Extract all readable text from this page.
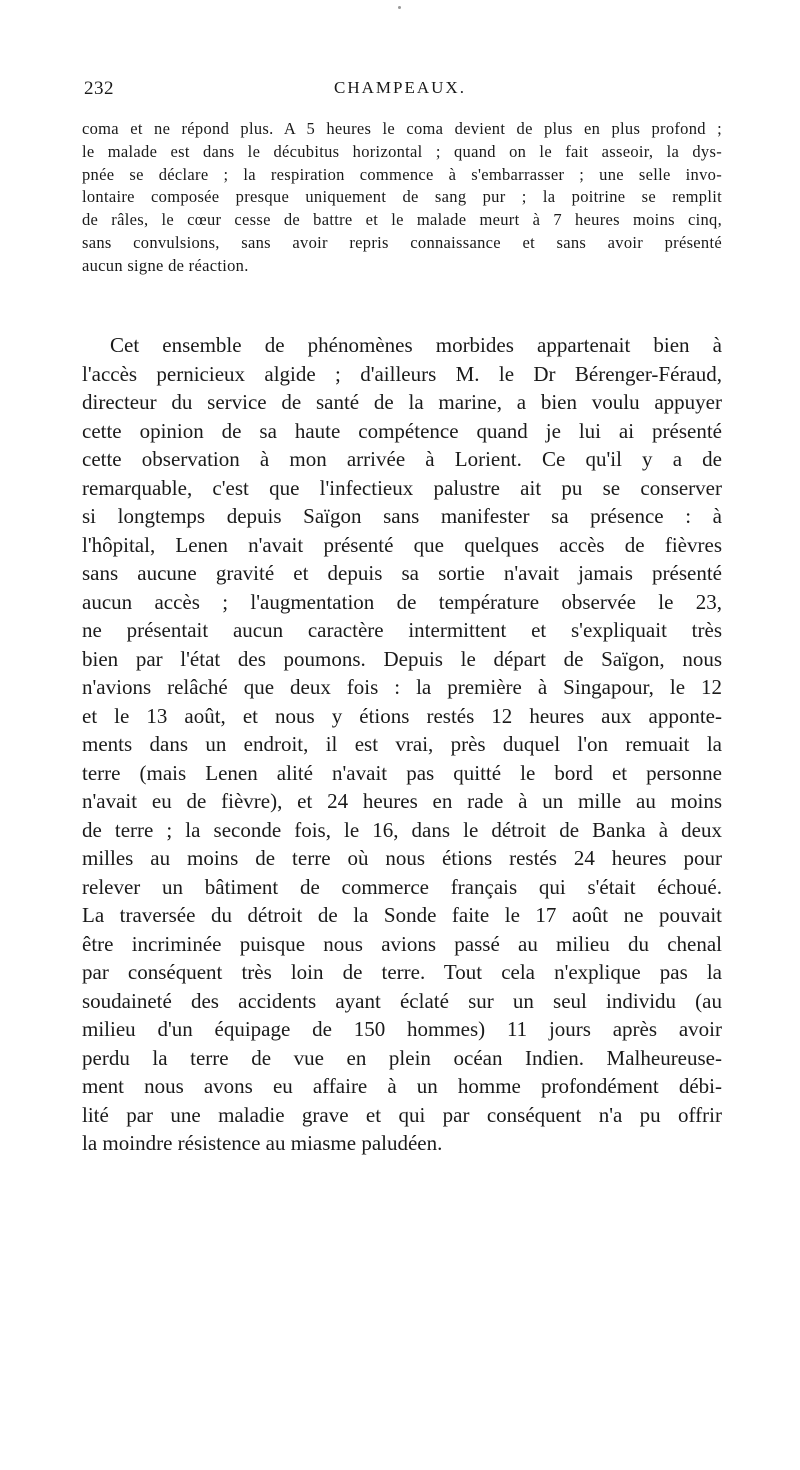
232	CHAMPEAUX.
coma et ne répond plus. A 5 heures le coma devient de plus en plus profond ;
le malade est dans le décubitus horizontal ; quand on le fait asseoir, la dys-
pnée se déclare ; la respiration commence à s'embarrasser ; une selle invo-
lontaire composée presque uniquement de sang pur ; la poitrine se remplit
de râles, le cœur cesse de battre et le malade meurt à 7 heures moins cinq,
sans convulsions, sans avoir repris connaissance et sans avoir présenté
aucun signe de réaction.
Cet ensemble de phénomènes morbides appartenait bien à
l'accès pernicieux algide ; d'ailleurs M. le Dr Bérenger-Féraud,
directeur du service de santé de la marine, a bien voulu appuyer
cette opinion de sa haute compétence quand je lui ai présenté
cette observation à mon arrivée à Lorient. Ce qu'il y a de
remarquable, c'est que l'infectieux palustre ait pu se conserver
si longtemps depuis Saïgon sans manifester sa présence : à
l'hôpital, Lenen n'avait présenté que quelques accès de fièvres
sans aucune gravité et depuis sa sortie n'avait jamais présenté
aucun accès ; l'augmentation de température observée le 23,
ne présentait aucun caractère intermittent et s'expliquait très
bien par l'état des poumons. Depuis le départ de Saïgon, nous
n'avions relâché que deux fois : la première à Singapour, le 12
et le 13 août, et nous y étions restés 12 heures aux apponte-
ments dans un endroit, il est vrai, près duquel l'on remuait la
terre (mais Lenen alité n'avait pas quitté le bord et personne
n'avait eu de fièvre), et 24 heures en rade à un mille au moins
de terre ; la seconde fois, le 16, dans le détroit de Banka à deux
milles au moins de terre où nous étions restés 24 heures pour
relever un bâtiment de commerce français qui s'était échoué.
La traversée du détroit de la Sonde faite le 17 août ne pouvait
être incriminée puisque nous avions passé au milieu du chenal
par conséquent très loin de terre. Tout cela n'explique pas la
soudaineté des accidents ayant éclaté sur un seul individu (au
milieu d'un équipage de 150 hommes) 11 jours après avoir
perdu la terre de vue en plein océan Indien. Malheureuse-
ment nous avons eu affaire à un homme profondément débi-
lité par une maladie grave et qui par conséquent n'a pu offrir
la moindre résistence au miasme paludéen.
